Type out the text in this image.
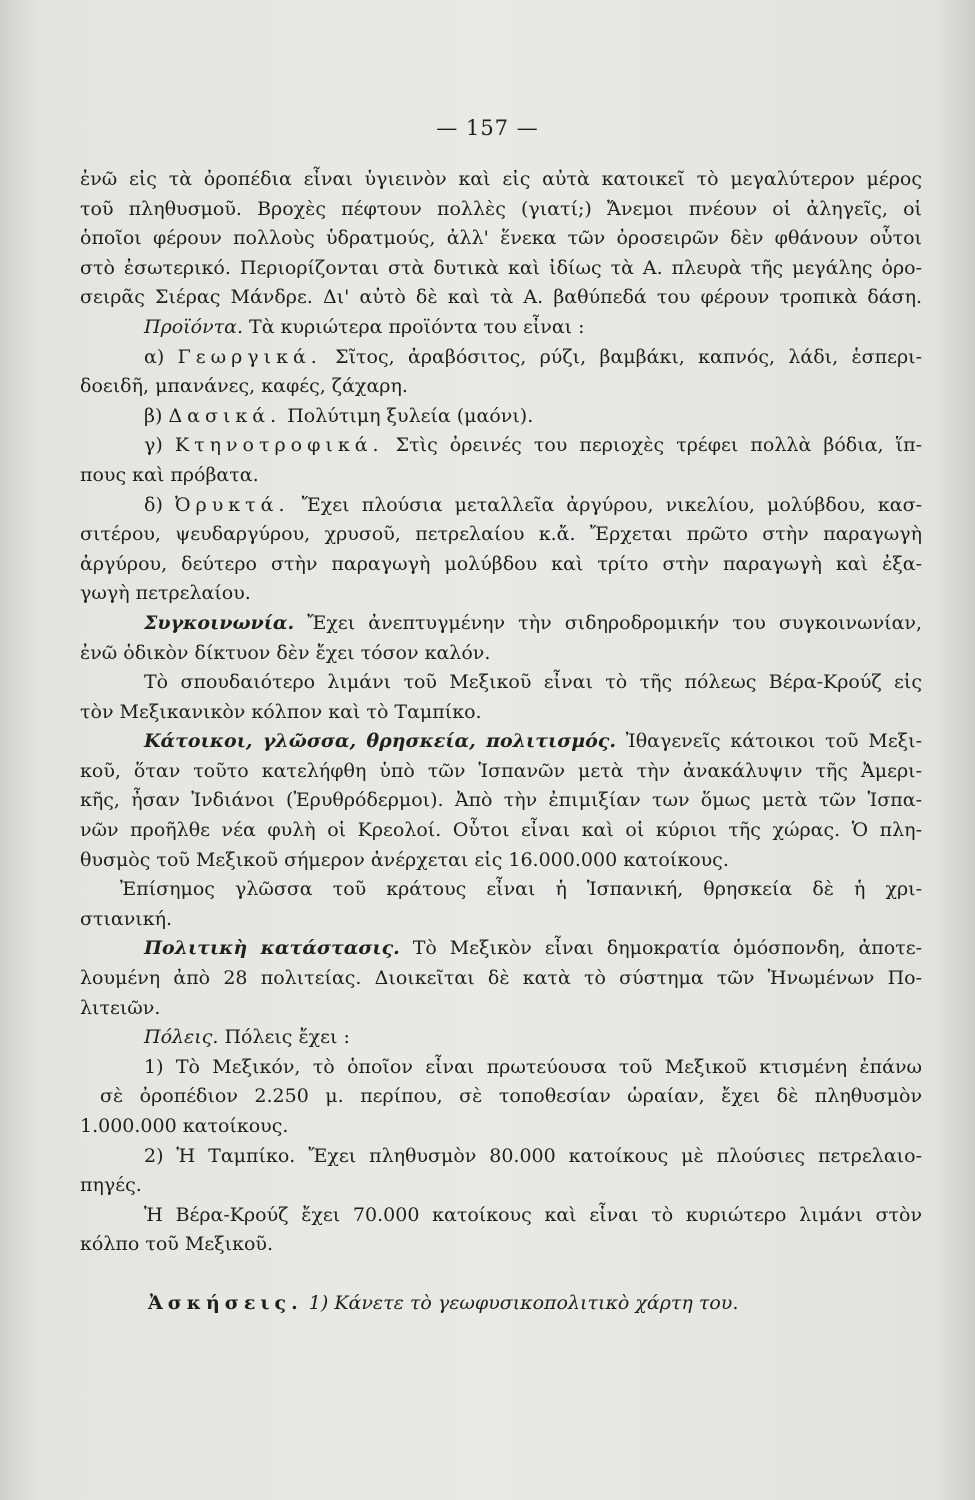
— 157 —
ἐνῶ εἰς τὰ ὀροπέδια εἶναι ὑγιεινὸν καὶ εἰς αὐτὰ κατοικεῖ τὸ μεγαλύτερον μέρος
τοῦ πληθυσμοῦ. Βροχὲς πέφτουν πολλὲς (γιατί;) Ἄνεμοι πνέουν οἱ ἀληγεῖς, οἱ
ὁποῖοι φέρουν πολλοὺς ὑδρατμούς, ἀλλ' ἕνεκα τῶν ὀροσειρῶν δὲν φθάνουν οὗτοι
στὸ ἐσωτερικό. Περιορίζονται στὰ δυτικὰ καὶ ἰδίως τὰ Α. πλευρὰ τῆς μεγάλης ὀρο-
σειρᾶς Σιέρας Μάνδρε. Δι' αὐτὸ δὲ καὶ τὰ Α. βαθύπεδά του φέρουν τροπικὰ δάση.
Προϊόντα. Τὰ κυριώτερα προϊόντα του εἶναι :
α) Γεωργικά. Σῖτος, ἀραβόσιτος, ρύζι, βαμβάκι, καπνός, λάδι, ἑσπερι-
δοειδῆ, μπανάνες, καφές, ζάχαρη.
β) Δασικά. Πολύτιμη ξυλεία (μαόνι).
γ) Κτηνοτροφικά. Στὶς ὀρεινές του περιοχὲς τρέφει πολλὰ βόδια, ἵπ-
πους καὶ πρόβατα.
δ) Ὀρυκτά. Ἔχει πλούσια μεταλλεῖα ἀργύρου, νικελίου, μολύβδου, κασ-
σιτέρου, ψευδαργύρου, χρυσοῦ, πετρελαίου κ.ἄ. Ἔρχεται πρῶτο στὴν παραγωγὴ
ἀργύρου, δεύτερο στὴν παραγωγὴ μολύβδου καὶ τρίτο στὴν παραγωγὴ καὶ ἐξα-
γωγὴ πετρελαίου.
Συγκοινωνία. Ἔχει ἀνεπτυγμένην τὴν σιδηροδρομικήν του συγκοινωνίαν,
ἐνῶ ὁδικὸν δίκτυον δὲν ἔχει τόσον καλόν.
Τὸ σπουδαιότερο λιμάνι τοῦ Μεξικοῦ εἶναι τὸ τῆς πόλεως Βέρα-Κρούζ εἰς
τὸν Μεξικανικὸν κόλπον καὶ τὸ Ταμπίκο.
Κάτοικοι, γλῶσσα, θρησκεία, πολιτισμός. Ἰθαγενεῖς κάτοικοι τοῦ Μεξι-
κοῦ, ὅταν τοῦτο κατελήφθη ὑπὸ τῶν Ἱσπανῶν μετὰ τὴν ἀνακάλυψιν τῆς Ἀμερι-
κῆς, ἦσαν Ἰνδιάνοι (Ἐρυθρόδερμοι). Ἀπὸ τὴν ἐπιμιξίαν των ὅμως μετὰ τῶν Ἱσπα-
νῶν προῆλθε νέα φυλὴ οἱ Κρεολοί. Οὗτοι εἶναι καὶ οἱ κύριοι τῆς χώρας. Ὁ πλη-
θυσμὸς τοῦ Μεξικοῦ σήμερον ἀνέρχεται εἰς 16.000.000 κατοίκους.
Ἐπίσημος γλῶσσα τοῦ κράτους εἶναι ἡ Ἱσπανική, θρησκεία δὲ ἡ χρι-
στιανική.
Πολιτικὴ κατάστασις. Τὸ Μεξικὸν εἶναι δημοκρατία ὁμόσπονδη, ἀποτε-
λουμένη ἀπὸ 28 πολιτείας. Διοικεῖται δὲ κατὰ τὸ σύστημα τῶν Ἡνωμένων Πο-
λιτειῶν.
Πόλεις. Πόλεις ἔχει :
1) Τὸ Μεξικόν, τὸ ὁποῖον εἶναι πρωτεύουσα τοῦ Μεξικοῦ κτισμένη ἐπάνω
σὲ ὀροπέδιον 2.250 μ. περίπου, σὲ τοποθεσίαν ὡραίαν, ἔχει δὲ πληθυσμὸν
1.000.000 κατοίκους.
2) Ἡ Ταμπίκο. Ἔχει πληθυσμὸν 80.000 κατοίκους μὲ πλούσιες πετρελαιο-
πηγές.
Ἡ Βέρα-Κρούζ ἔχει 70.000 κατοίκους καὶ εἶναι τὸ κυριώτερο λιμάνι στὸν
κόλπο τοῦ Μεξικοῦ.
Ἀσκήσεις. 1) Κάνετε τὸ γεωφυσικοπολιτικὸ χάρτη του.
